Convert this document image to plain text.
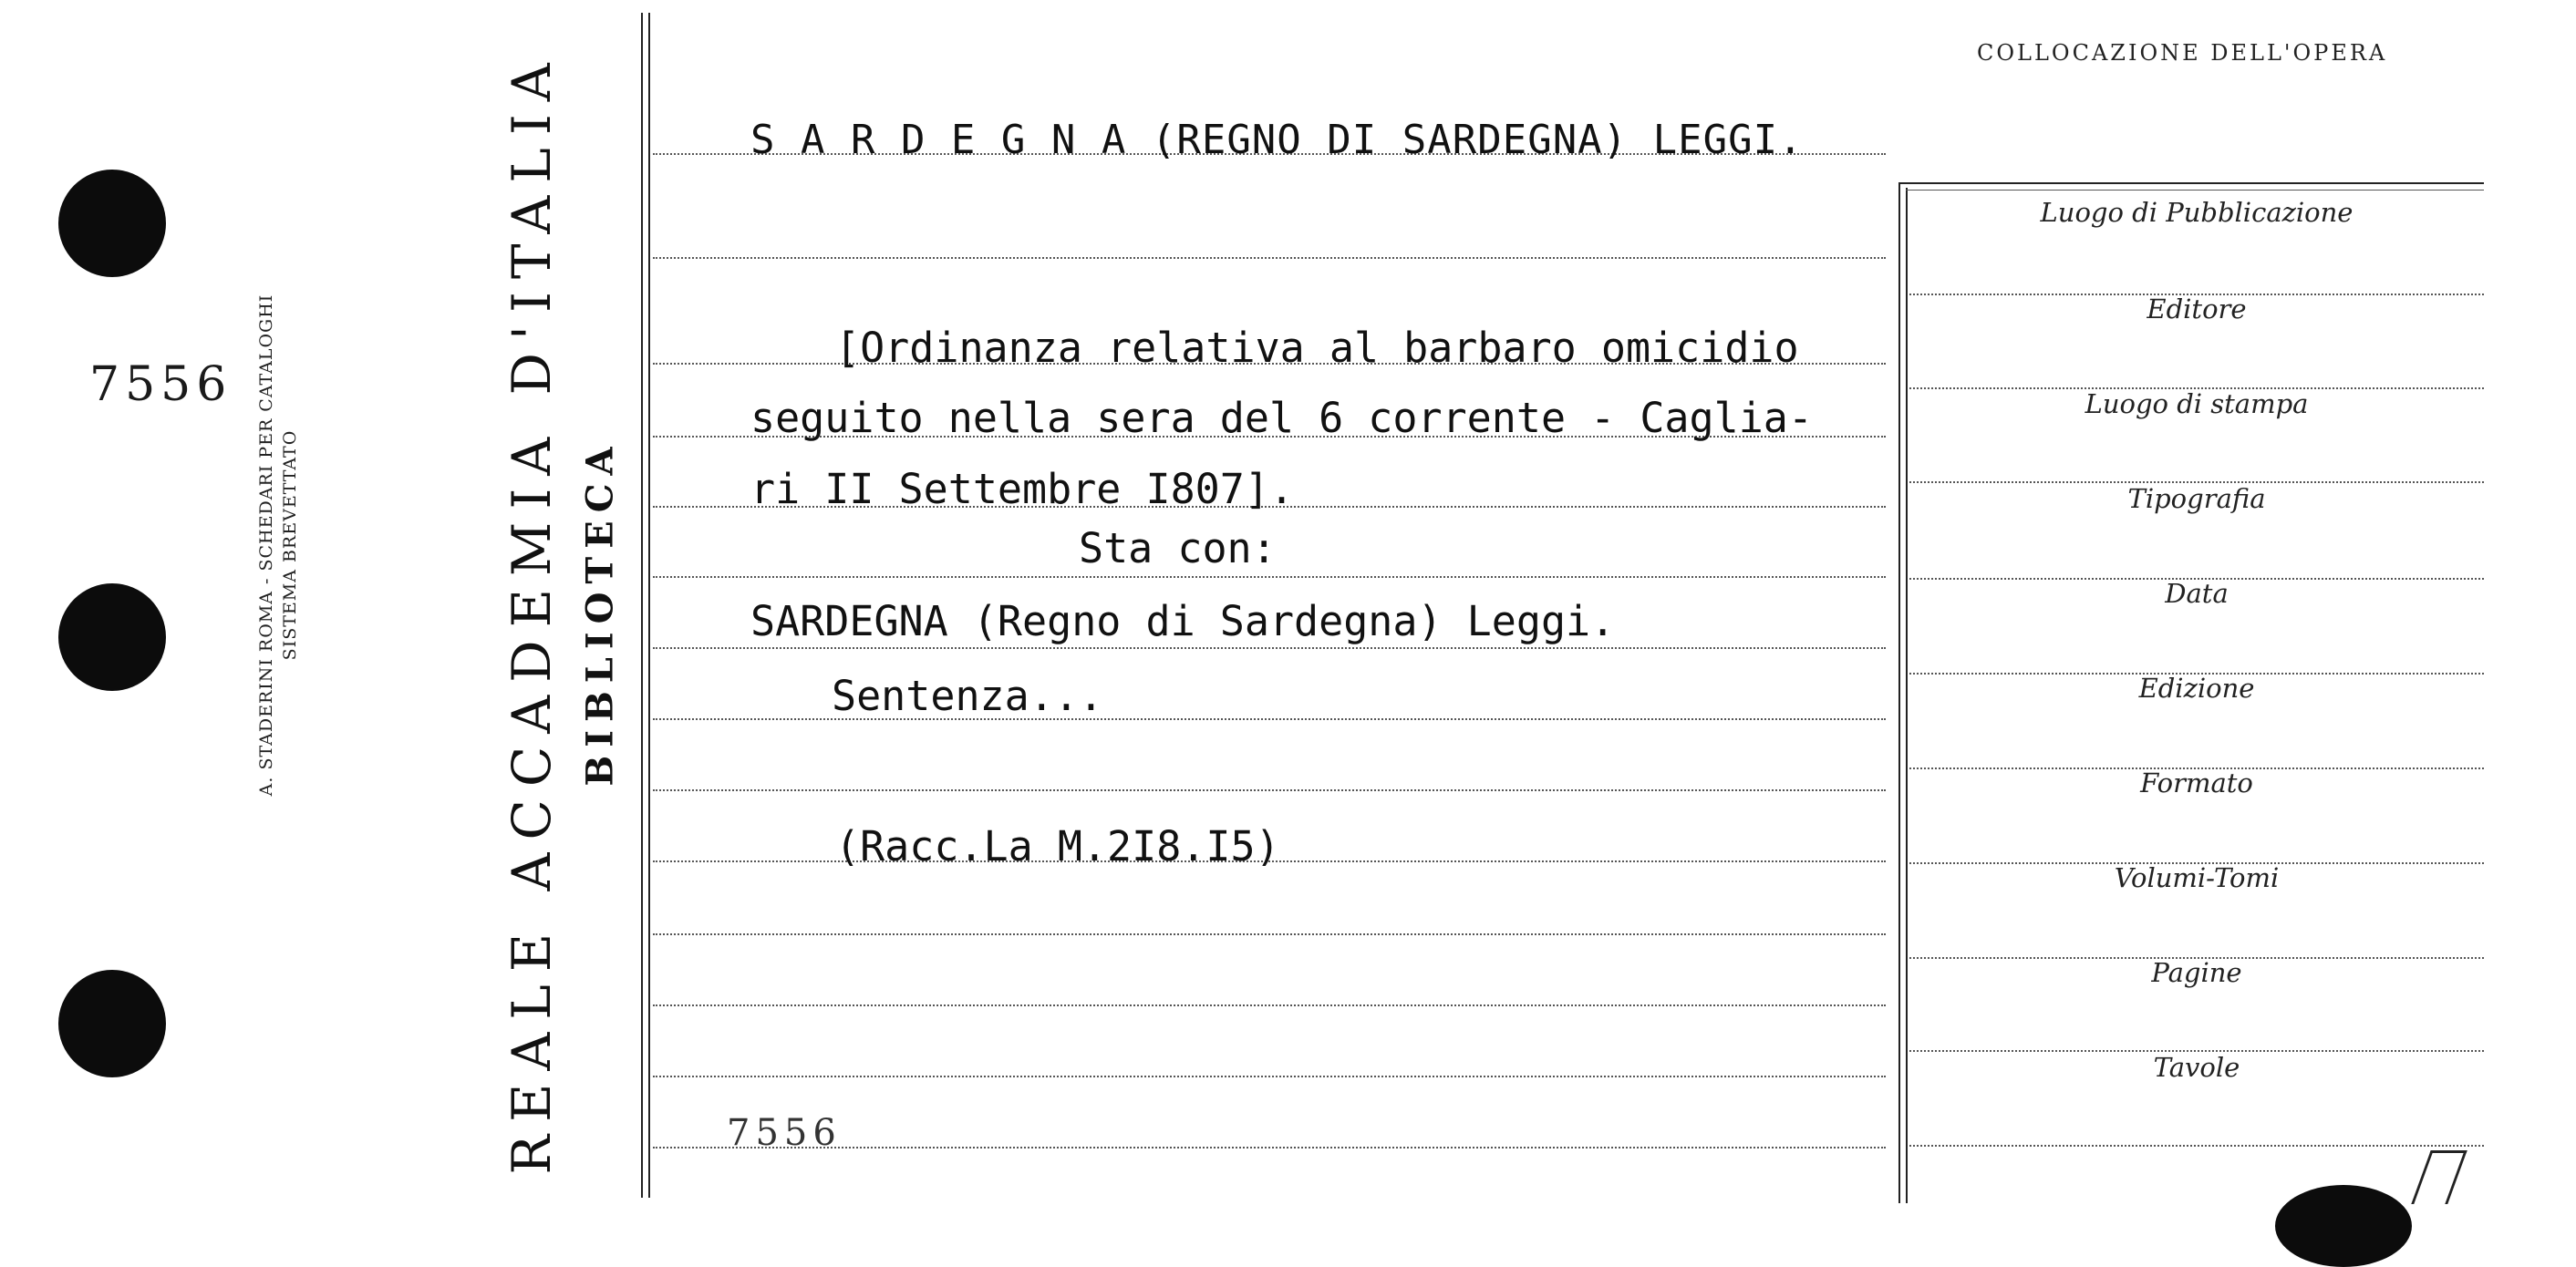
7556 A. STADERINI ROMA - SCHEDARI PER CATALOGHI SISTEMA BREVETTATO	REALE ACCADEMIA D'ITALIA BIBLIOTECA
COLLOCAZIONE DELL'OPERA
Luogo di Pubblicazione
Editore
Luogo di stampa
Tipografia
Data
Edizione
Formato
Volumi-Tomi
Pagine
Tavole
S A R D E G N A (REGNO DI SARDEGNA) LEGGI.
[Ordinanza relativa al barbaro omicidio
seguito nella sera del 6 corrente - Caglia-
ri II Settembre I807].
Sta con:
SARDEGNA (Regno di Sardegna) Leggi.
Sentenza...
(Racc.La M.2I8.I5)
7556
